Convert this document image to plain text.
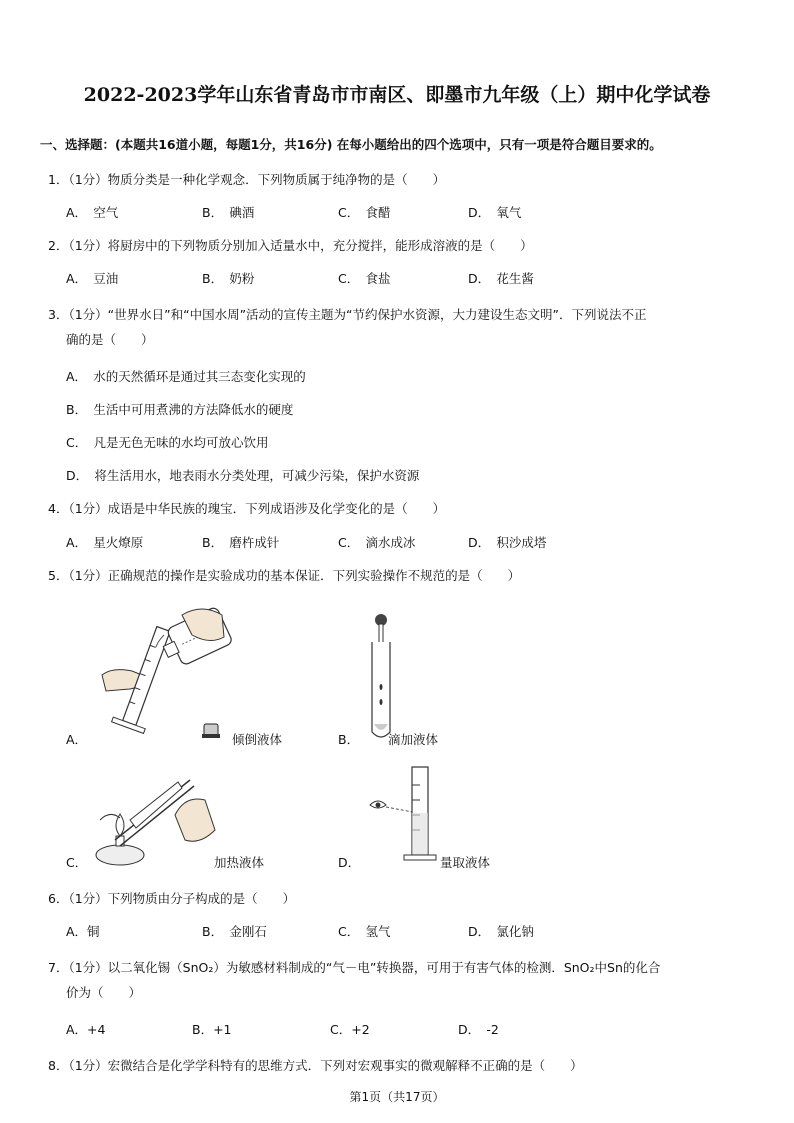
2022-2023学年山东省青岛市市南区、即墨市九年级（上）期中化学试卷
一、选择题：(本题共16道小题，每题1分，共16分) 在每小题给出的四个选项中，只有一项是符合题目要求的。
1．（1分）物质分类是一种化学观念．下列物质属于纯净物的是（　　）
A．　空气	B．　碘酒	C．　食醋	D．　氧气
2．（1分）将厨房中的下列物质分别加入适量水中，充分搅拌，能形成溶液的是（　　）
A．　豆油	B．　奶粉	C．　食盐	D．　花生酱
3．（1分）“世界水日”和“中国水周”活动的宣传主题为“节约保护水资源，大力建设生态文明”．下列说法不正
确的是（　　）
A．　水的天然循环是通过其三态变化实现的
B．　生活中可用煮沸的方法降低水的硬度
C．　凡是无色无味的水均可放心饮用
D．　将生活用水，地表雨水分类处理，可减少污染，保护水资源
4．（1分）成语是中华民族的瑰宝．下列成语涉及化学变化的是（　　）
A．　星火燎原	B．　磨杵成针	C．　滴水成冰	D．　积沙成塔
5．（1分）正确规范的操作是实验成功的基本保证．下列实验操作不规范的是（　　）
A．	倾倒液体	B． 滴加液体
C．	加热液体	D．	量取液体
6．（1分）下列物质由分子构成的是（　　）
A．铜	B．　金刚石	C．　氢气	D．　氯化钠
7．（1分）以二氧化锡（SnO₂）为敏感材料制成的“气－电”转换器，可用于有害气体的检测．SnO₂中Sn的化合
价为（　　）
A．+4	B．+1	C．+2	D．　-2
8．（1分）宏微结合是化学学科特有的思维方式．下列对宏观事实的微观解释不正确的是（　　）
第1页（共17页）
